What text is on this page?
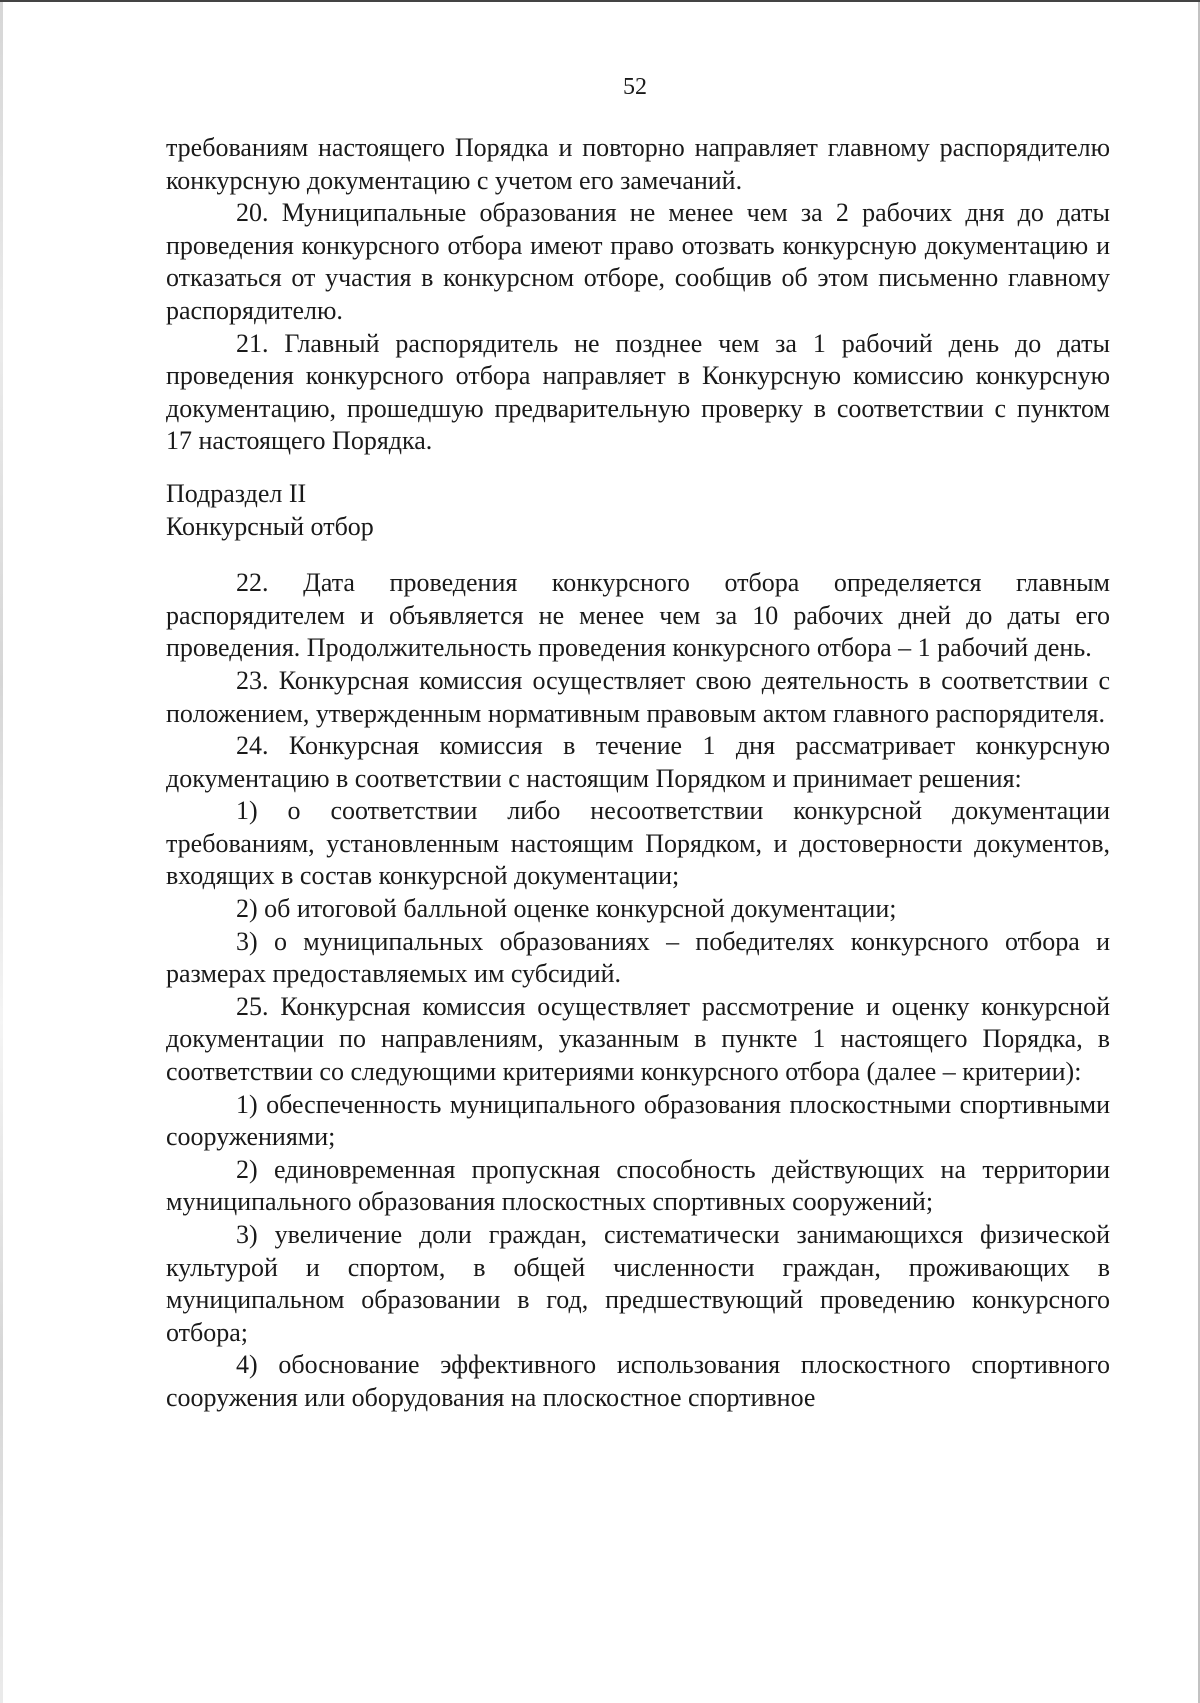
52

требованиям настоящего Порядка и повторно направляет главному распорядителю конкурсную документацию с учетом его замечаний.

20. Муниципальные образования не менее чем за 2 рабочих дня до даты проведения конкурсного отбора имеют право отозвать конкурсную документацию и отказаться от участия в конкурсном отборе, сообщив об этом письменно главному распорядителю.

21. Главный распорядитель не позднее чем за 1 рабочий день до даты проведения конкурсного отбора направляет в Конкурсную комиссию конкурсную документацию, прошедшую предварительную проверку в соответствии с пунктом 17 настоящего Порядка.

Подраздел II

Конкурсный отбор

22. Дата проведения конкурсного отбора определяется главным распорядителем и объявляется не менее чем за 10 рабочих дней до даты его проведения. Продолжительность проведения конкурсного отбора – 1 рабочий день.

23. Конкурсная комиссия осуществляет свою деятельность в соответствии с положением, утвержденным нормативным правовым актом главного распорядителя.

24. Конкурсная комиссия в течение 1 дня рассматривает конкурсную документацию в соответствии с настоящим Порядком и принимает решения:

1) о соответствии либо несоответствии конкурсной документации требованиям, установленным настоящим Порядком, и достоверности документов, входящих в состав конкурсной документации;

2) об итоговой балльной оценке конкурсной документации;

3) о муниципальных образованиях – победителях конкурсного отбора и размерах предоставляемых им субсидий.

25. Конкурсная комиссия осуществляет рассмотрение и оценку конкурсной документации по направлениям, указанным в пункте 1 настоящего Порядка, в соответствии со следующими критериями конкурсного отбора (далее – критерии):

1) обеспеченность муниципального образования плоскостными спортивными сооружениями;

2) единовременная пропускная способность действующих на территории муниципального образования плоскостных спортивных сооружений;

3) увеличение доли граждан, систематически занимающихся физической культурой и спортом, в общей численности граждан, проживающих в муниципальном образовании в год, предшествующий проведению конкурсного отбора;

4) обоснование эффективного использования плоскостного спортивного сооружения или оборудования на плоскостное спортивное
